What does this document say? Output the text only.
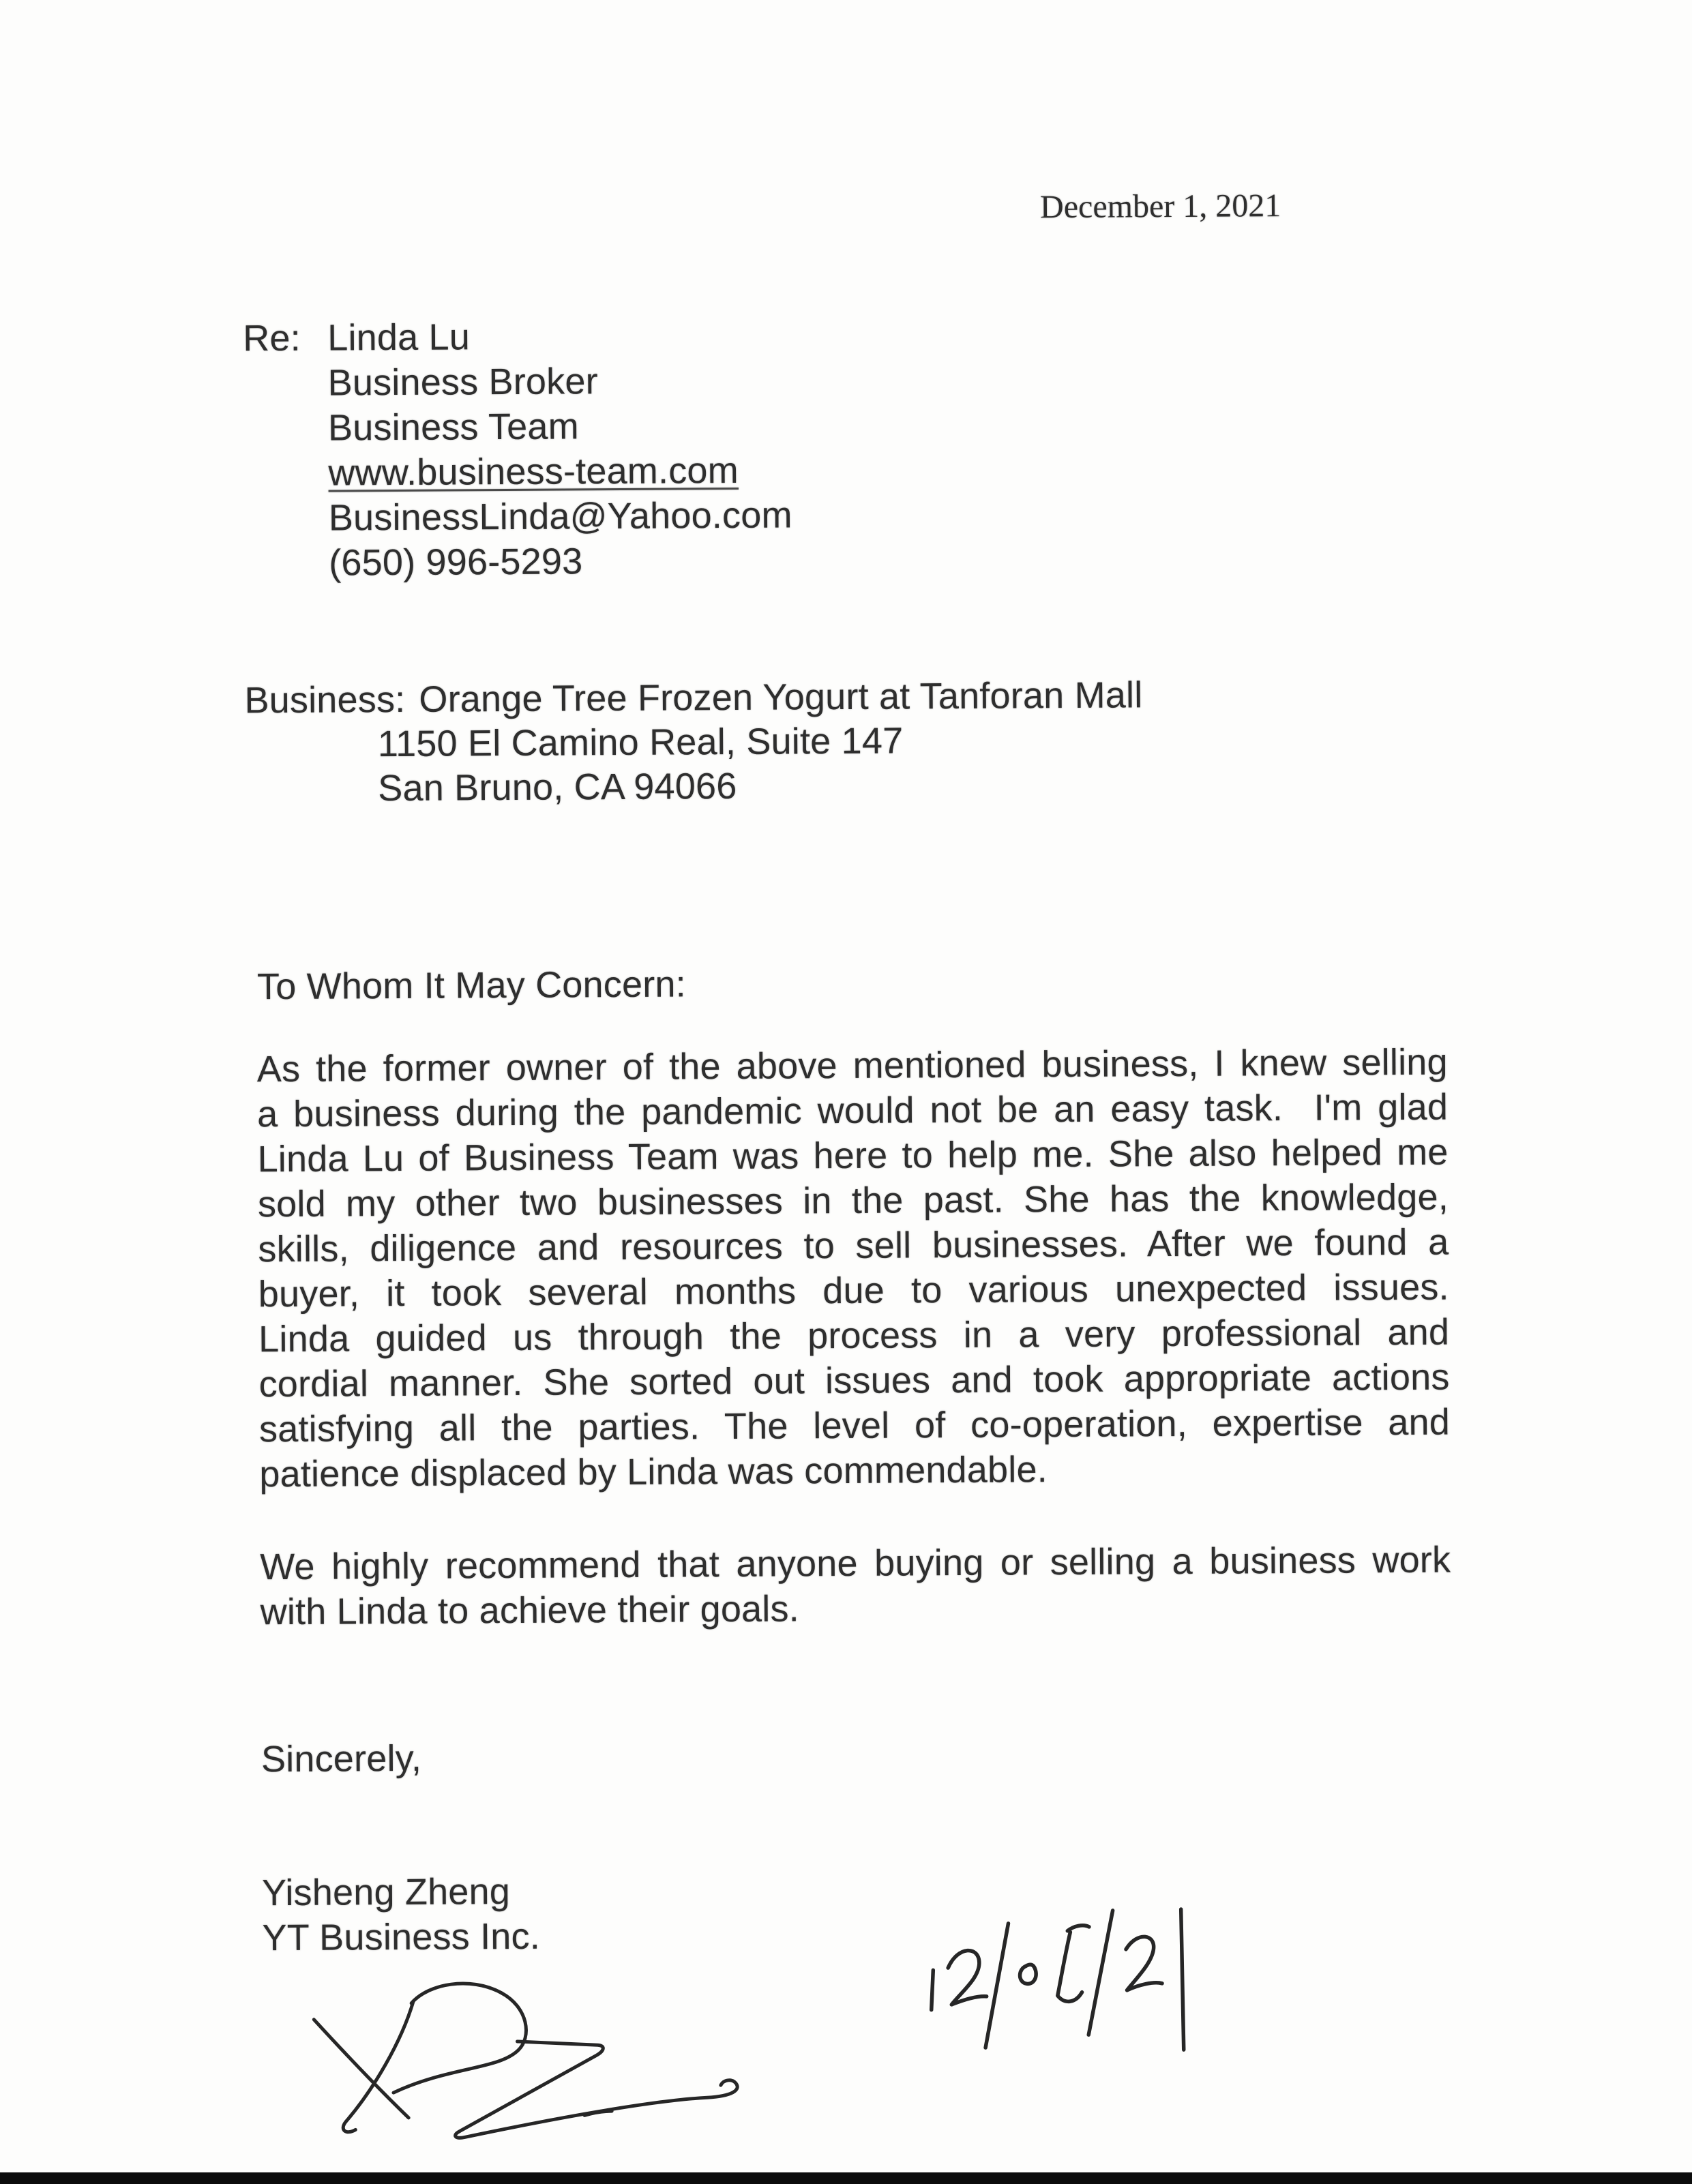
December 1, 2021
Re: Linda Lu
Business Broker
Business Team
www.business-team.com
BusinessLinda@Yahoo.com
(650) 996-5293
Business: Orange Tree Frozen Yogurt at Tanforan Mall
1150 El Camino Real, Suite 147
San Bruno, CA 94066
To Whom It May Concern:
As the former owner of the above mentioned business, I knew selling
a business during the pandemic would not be an easy task.  I'm glad
Linda Lu of Business Team was here to help me. She also helped me
sold my other two businesses in the past. She has the knowledge,
skills, diligence and resources to sell businesses. After we found a
buyer, it took several months due to various unexpected issues.
Linda guided us through the process in a very professional and
cordial manner. She sorted out issues and took appropriate actions
satisfying all the parties. The level of co-operation, expertise and
patience displaced by Linda was commendable.
We highly recommend that anyone buying or selling a business work
with Linda to achieve their goals.
Sincerely,
Yisheng Zheng
YT Business Inc.
